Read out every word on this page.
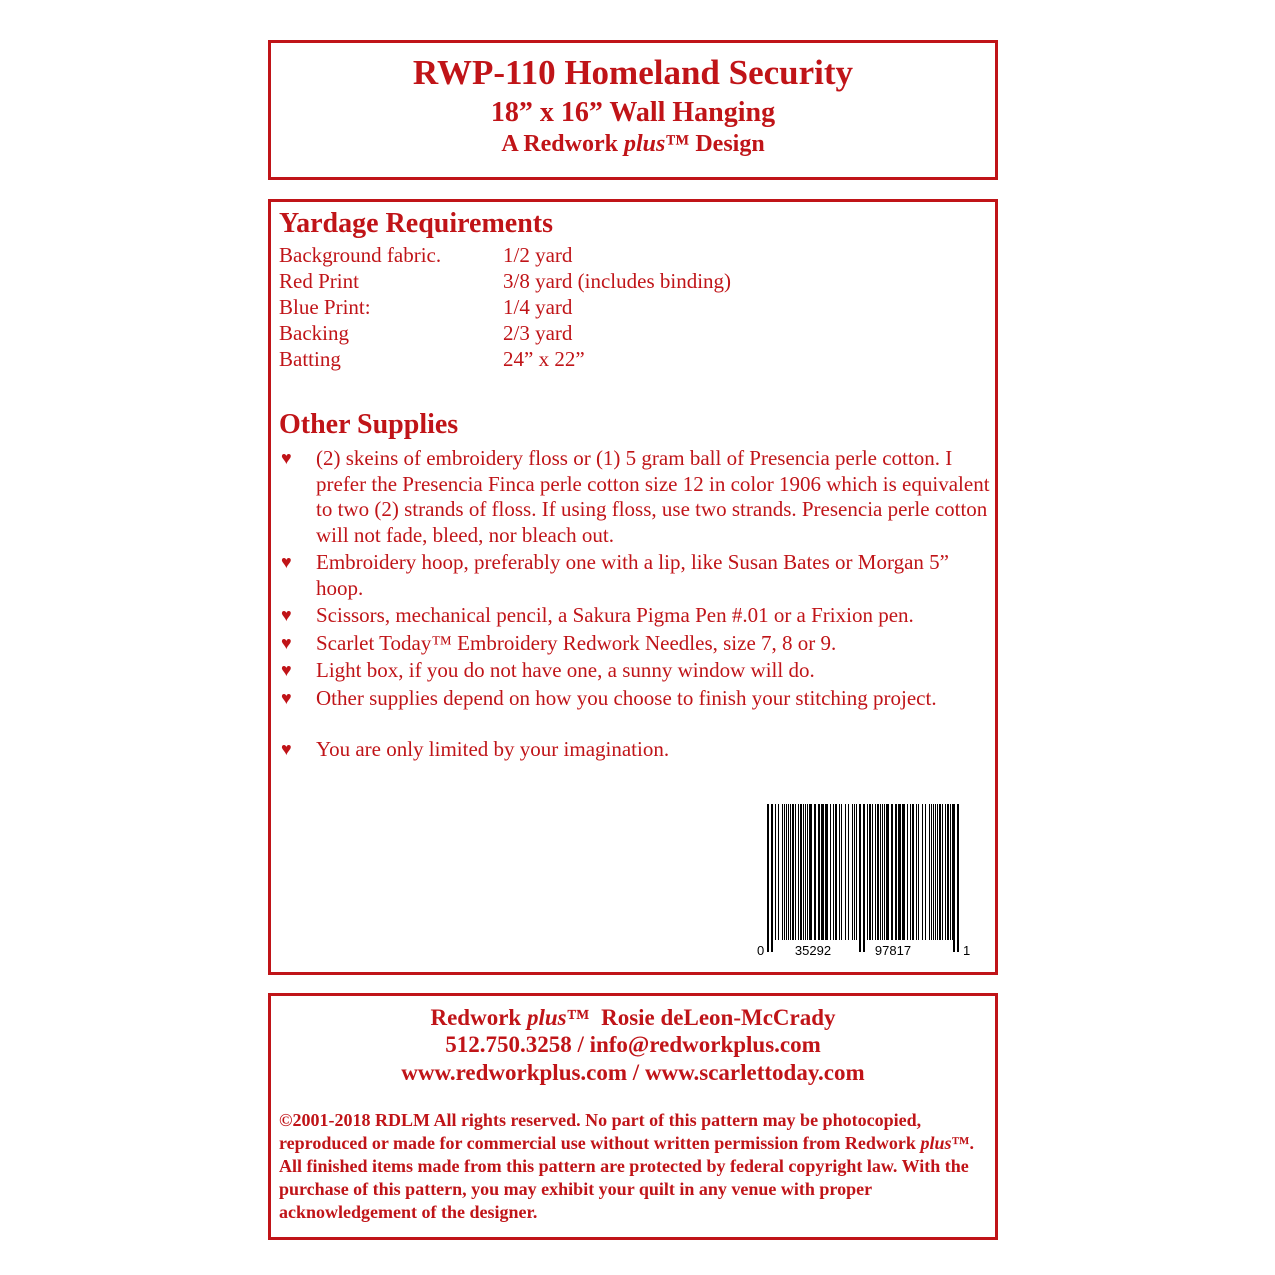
RWP-110 Homeland Security
18” x 16” Wall Hanging
A Redwork plus™ Design
Yardage Requirements
Background fabric.	1/2 yard
Red Print	3/8 yard (includes binding)
Blue Print:	1/4 yard
Backing	2/3 yard
Batting	24” x 22”
Other Supplies
♥ (2) skeins of embroidery floss or (1) 5 gram ball of Presencia perle cotton. I prefer the Presencia Finca perle cotton size 12 in color 1906 which is equivalent to two (2) strands of floss. If using floss, use two strands. Presencia perle cotton will not fade, bleed, nor bleach out.
♥ Embroidery hoop, preferably one with a lip, like Susan Bates or Morgan 5” hoop.
♥ Scissors, mechanical pencil, a Sakura Pigma Pen #.01 or a Frixion pen.
♥ Scarlet Today™ Embroidery Redwork Needles, size 7, 8 or 9.
♥ Light box, if you do not have one, a sunny window will do.
♥ Other supplies depend on how you choose to finish your stitching project.
♥ You are only limited by your imagination.
0 35292	97817	1
Redwork plus™  Rosie deLeon-McCrady
512.750.3258 / info@redworkplus.com
www.redworkplus.com / www.scarlettoday.com
©2001-2018 RDLM All rights reserved. No part of this pattern may be photocopied, reproduced or made for commercial use without written permission from Redwork plus™. All finished items made from this pattern are protected by federal copyright law. With the purchase of this pattern, you may exhibit your quilt in any venue with proper acknowledgement of the designer.
